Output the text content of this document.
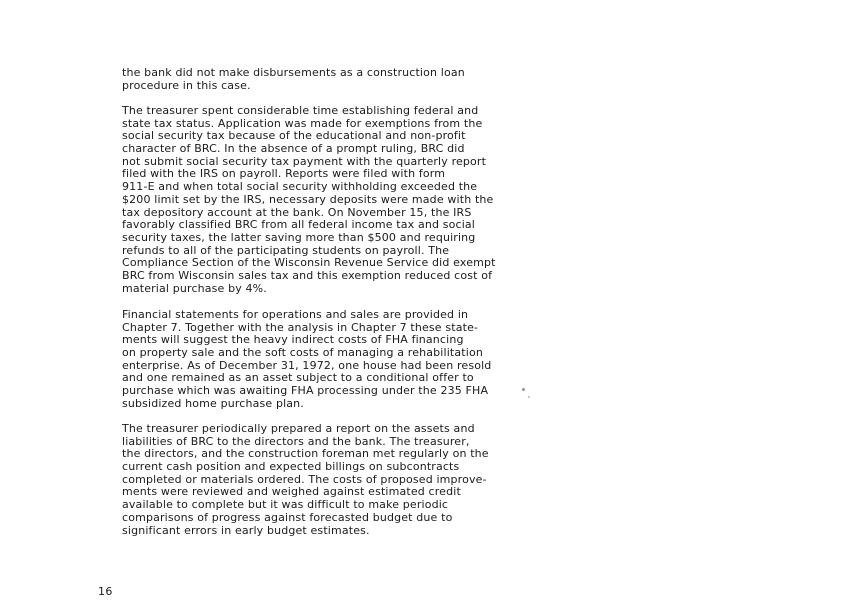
the bank did not make disbursements as a construction loan
procedure in this case.

The treasurer spent considerable time establishing federal and
state tax status. Application was made for exemptions from the
social security tax because of the educational and non-profit
character of BRC. In the absence of a prompt ruling, BRC did
not submit social security tax payment with the quarterly report
filed with the IRS on payroll. Reports were filed with form
911-E and when total social security withholding exceeded the
$200 limit set by the IRS, necessary deposits were made with the
tax depository account at the bank. On November 15, the IRS
favorably classified BRC from all federal income tax and social
security taxes, the latter saving more than $500 and requiring
refunds to all of the participating students on payroll. The
Compliance Section of the Wisconsin Revenue Service did exempt
BRC from Wisconsin sales tax and this exemption reduced cost of
material purchase by 4%.

Financial statements for operations and sales are provided in
Chapter 7. Together with the analysis in Chapter 7 these state-
ments will suggest the heavy indirect costs of FHA financing
on property sale and the soft costs of managing a rehabilitation
enterprise. As of December 31, 1972, one house had been resold
and one remained as an asset subject to a conditional offer to
purchase which was awaiting FHA processing under the 235 FHA
subsidized home purchase plan.

The treasurer periodically prepared a report on the assets and
liabilities of BRC to the directors and the bank. The treasurer,
the directors, and the construction foreman met regularly on the
current cash position and expected billings on subcontracts
completed or materials ordered. The costs of proposed improve-
ments were reviewed and weighed against estimated credit
available to complete but it was difficult to make periodic
comparisons of progress against forecasted budget due to
significant errors in early budget estimates.

16
